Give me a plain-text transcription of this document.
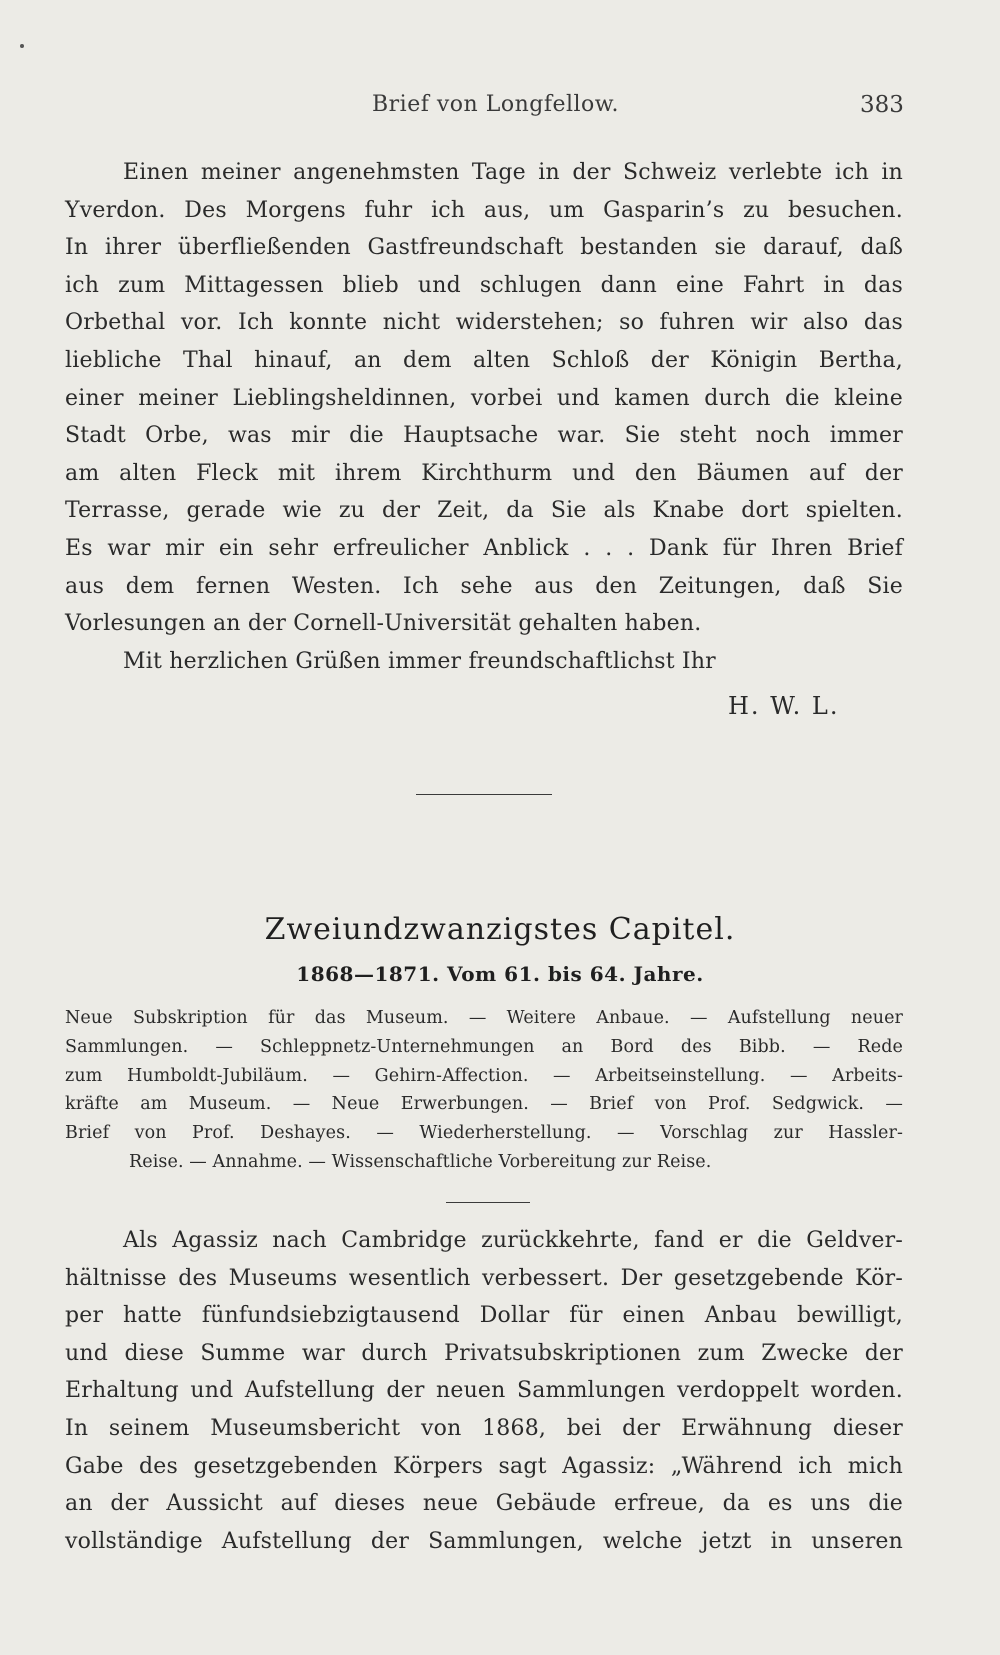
Brief von Longfellow.	383
Einen meiner angenehmsten Tage in der Schweiz verlebte ich in
Yverdon. Des Morgens fuhr ich aus, um Gasparin’s zu besuchen.
In ihrer überfließenden Gastfreundschaft bestanden sie darauf, daß
ich zum Mittagessen blieb und schlugen dann eine Fahrt in das
Orbethal vor. Ich konnte nicht widerstehen; so fuhren wir also das
liebliche Thal hinauf, an dem alten Schloß der Königin Bertha,
einer meiner Lieblingsheldinnen, vorbei und kamen durch die kleine
Stadt Orbe, was mir die Hauptsache war. Sie steht noch immer
am alten Fleck mit ihrem Kirchthurm und den Bäumen auf der
Terrasse, gerade wie zu der Zeit, da Sie als Knabe dort spielten.
Es war mir ein sehr erfreulicher Anblick . . . Dank für Ihren Brief
aus dem fernen Westen. Ich sehe aus den Zeitungen, daß Sie
Vorlesungen an der Cornell-Universität gehalten haben.
Mit herzlichen Grüßen immer freundschaftlichst Ihr
H. W. L.
Zweiundzwanzigstes Capitel.
1868—1871. Vom 61. bis 64. Jahre.
Neue Subskription für das Museum. — Weitere Anbaue. — Aufstellung neuer
Sammlungen. — Schleppnetz-Unternehmungen an Bord des Bibb. — Rede
zum Humboldt-Jubiläum. — Gehirn-Affection. — Arbeitseinstellung. — Arbeits-
kräfte am Museum. — Neue Erwerbungen. — Brief von Prof. Sedgwick. —
Brief von Prof. Deshayes. — Wiederherstellung. — Vorschlag zur Hassler-
Reise. — Annahme. — Wissenschaftliche Vorbereitung zur Reise.
Als Agassiz nach Cambridge zurückkehrte, fand er die Geldver-
hältnisse des Museums wesentlich verbessert. Der gesetzgebende Kör-
per hatte fünfundsiebzigtausend Dollar für einen Anbau bewilligt,
und diese Summe war durch Privatsubskriptionen zum Zwecke der
Erhaltung und Aufstellung der neuen Sammlungen verdoppelt worden.
In seinem Museumsbericht von 1868, bei der Erwähnung dieser
Gabe des gesetzgebenden Körpers sagt Agassiz: „Während ich mich
an der Aussicht auf dieses neue Gebäude erfreue, da es uns die
vollständige Aufstellung der Sammlungen, welche jetzt in unseren
